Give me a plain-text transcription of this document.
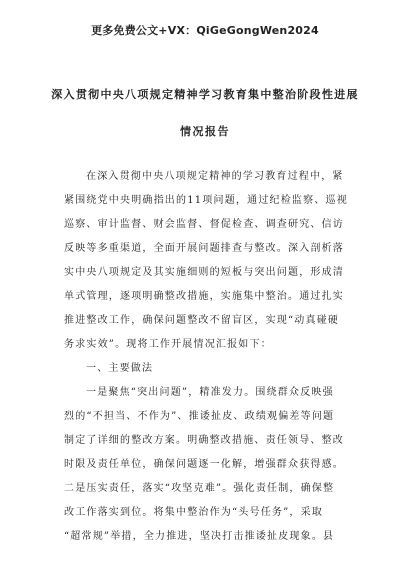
更多免费公文+VX：QiGeGongWen2024
深入贯彻中央八项规定精神学习教育集中整治阶段性进展
情况报告
在深入贯彻中央八项规定精神的学习教育过程中，紧
紧围绕党中央明确指出的11项问题，通过纪检监察、巡视
巡察、审计监督、财会监督、督促检查、调查研究、信访
反映等多重渠道，全面开展问题排查与整改。深入剖析落
实中央八项规定及其实施细则的短板与突出问题，形成清
单式管理，逐项明确整改措施，实施集中整治。通过扎实
推进整改工作，确保问题整改不留盲区，实现“动真碰硬
务求实效”。现将工作开展情况汇报如下：
一、主要做法
一是聚焦“突出问题”，精准发力。围绕群众反映强
烈的“不担当、不作为”、推诿扯皮、政绩观偏差等问题
制定了详细的整改方案。明确整改措施、责任领导、整改
时限及责任单位，确保问题逐一化解，增强群众获得感。
二是压实责任，落实“攻坚克难”。强化责任制，确保整
改工作落实到位。将集中整治作为“头号任务”，采取
“超常规”举措，全力推进，坚决打击推诿扯皮现象。县
